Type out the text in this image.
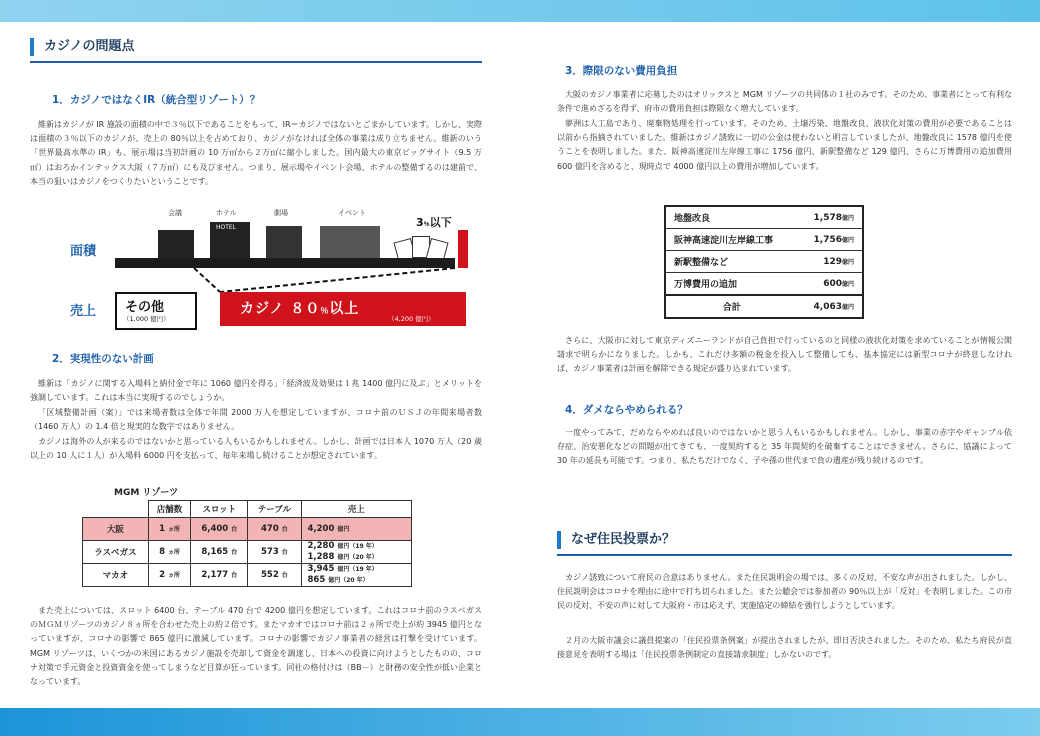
カジノの問題点
1．カジノではなくIR（統合型リゾート）？

維新はカジノが IR 施設の面積の中で３％以下であることをもって、IR＝カジノではないとごまかしています。しかし、実際は面積の３％以下のカジノが、売上の 80％以上を占めており、カジノがなければ全体の事業は成り立ちません。維新のいう「世界最高水準の IR」も、展示場は当初計画の 10 万㎡から２万㎡に縮小しました。国内最大の東京ビッグサイト（9.5 万㎡）はおろかインテックス大阪（７万㎡）にも及びません。つまり、展示場やイベント会場、ホテルの整備するのは建前で、本当の狙いはカジノをつくりたいということです。

面積
売上
会議	ホテル	劇場	イベント
HOTEL	3％以下
その他
（1,000 億円）
カジノ ８０％以上
（4,200 億円）
2．実現性のない計画

維新は「カジノに関する入場料と納付金で年に 1060 億円を得る」「経済波及効果は１兆 1400 億円に及ぶ」とメリットを強調しています。これは本当に実現するのでしょうか。

「区域整備計画（案）」では来場者数は全体で年間 2000 万人を想定していますが、コロナ前のＵＳＪの年間来場者数（1460 万人）の 1.4 倍と現実的な数字ではありません。

カジノは海外の人が来るのではないかと思っている人もいるかもしれません。しかし、計画では日本人 1070 万人（20 歳以上の 10 人に１人）が入場料 6000 円を支払って、毎年来場し続けることが想定されています。

MGM リゾーツ
	店舗数	スロット	テーブル	売上
大阪	1 ヵ所	6,400 台	470 台	4,200 億円
ラスベガス	8 ヵ所	8,165 台	573 台	2,280 億円（19 年）
1,288 億円（20 年）
マカオ	2 ヵ所	2,177 台	552 台	3,945 億円（19 年）
865 億円（20 年）

また売上については、スロット 6400 台、テーブル 470 台で 4200 億円を想定しています。これはコロナ前のラスベガスのＭＧＭリゾーツのカジノ８ヵ所を合わせた売上の約２倍です。またマカオではコロナ前は２ヵ所で売上が約 3945 億円となっていますが、コロナの影響で 865 億円に激減しています。コロナの影響でカジノ事業者の経営は打撃を受けています。MGM リゾーツは、いくつかの米国にあるカジノ施設を売却して資金を調達し、日本への投資に向けようとしたものの、コロナ対策で手元資金と投資資金を使ってしまうなど目算が狂っています。同社の格付けは（BB－）と財務の安全性が低い企業となっています。

3．際限のない費用負担

大阪のカジノ事業者に応募したのはオリックスと MGM リゾーツの共同体の１社のみです。そのため、事業者にとって有利な条件で進めざるを得ず、府市の費用負担は際限なく増大しています。

夢洲は人工島であり、廃棄物処理を行っています。そのため、土壌汚染、地盤改良、液状化対策の費用が必要であることは以前から指摘されていました。維新はカジノ誘致に一切の公金は使わないと明言していましたが、地盤改良に 1578 億円を使うことを表明しました。また、阪神高速淀川左岸線工事に 1756 億円、新駅整備など 129 億円、さらに万博費用の追加費用 600 億円を含めると、現時点で 4000 億円以上の費用が増加しています。

地盤改良	1,578億円
阪神高速淀川左岸線工事	1,756億円
新駅整備など	129億円
万博費用の追加	600億円
合計	4,063億円

さらに、大阪市に対して東京ディズニーランドが自己負担で行っているのと同様の液状化対策を求めていることが情報公開請求で明らかになりました。しかも、これだけ多額の税金を投入して整備しても、基本協定には新型コロナが終息しなければ、カジノ事業者は計画を解除できる規定が盛り込まれています。

4．ダメならやめられる？

一度やってみて、だめならやめれば良いのではないかと思う人もいるかもしれません。しかし、事業の赤字やギャンブル依存症、治安悪化などの問題が出てきても、一度契約すると 35 年間契約を破棄することはできません。さらに、協議によって 30 年の延長も可能です。つまり、私たちだけでなく、子や孫の世代まで負の遺産が残り続けるのです。

なぜ住民投票か？

カジノ誘致について府民の合意はありません。また住民説明会の場では、多くの反対、不安な声が出されました。しかし、住民説明会はコロナを理由に途中で打ち切られました。また公聴会では参加者の 90％以上が「反対」を表明しました。この市民の反対、不安の声に対して大阪府・市は応えず、実施協定の締結を強行しようとしています。

２月の大阪市議会に議員提案の「住民投票条例案」が提出されましたが、即日否決されました。そのため、私たち府民が直接意見を表明する場は「住民投票条例制定の直接請求制度」しかないのです。
